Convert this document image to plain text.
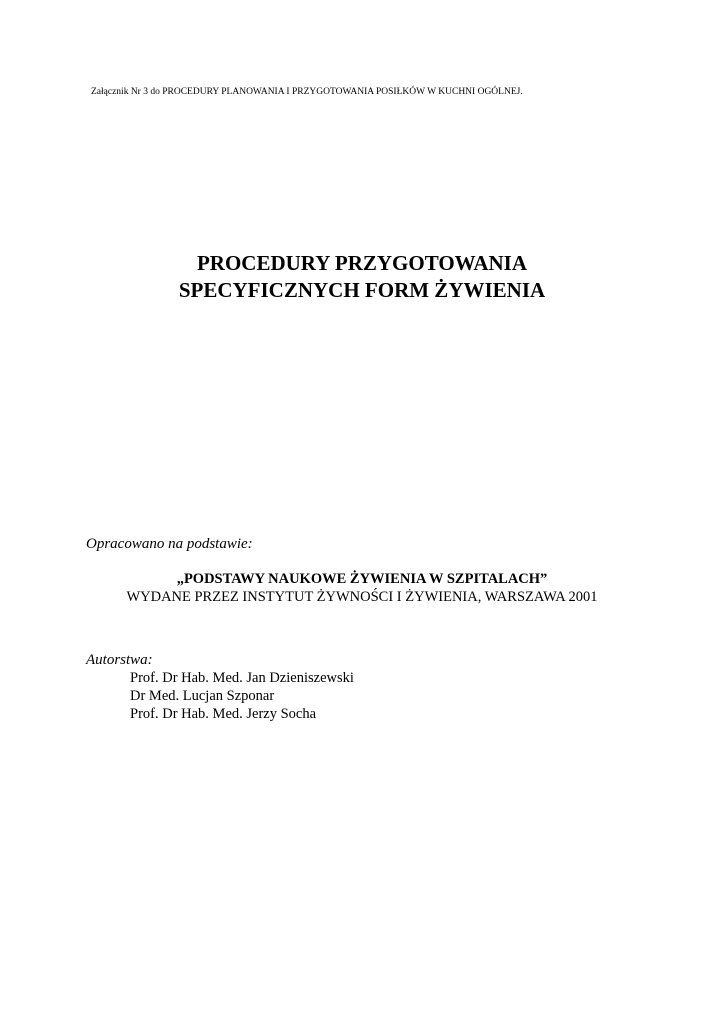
Załącznik Nr 3 do PROCEDURY PLANOWANIA I PRZYGOTOWANIA POSIŁKÓW W KUCHNI OGÓLNEJ.
PROCEDURY PRZYGOTOWANIA
SPECYFICZNYCH FORM ŻYWIENIA
Opracowano na podstawie:
„PODSTAWY NAUKOWE ŻYWIENIA W SZPITALACH”
WYDANE PRZEZ INSTYTUT ŻYWNOŚCI I ŻYWIENIA, WARSZAWA 2001
Autorstwa:
Prof. Dr Hab. Med. Jan Dzieniszewski
Dr Med. Lucjan Szponar
Prof. Dr Hab. Med. Jerzy Socha
